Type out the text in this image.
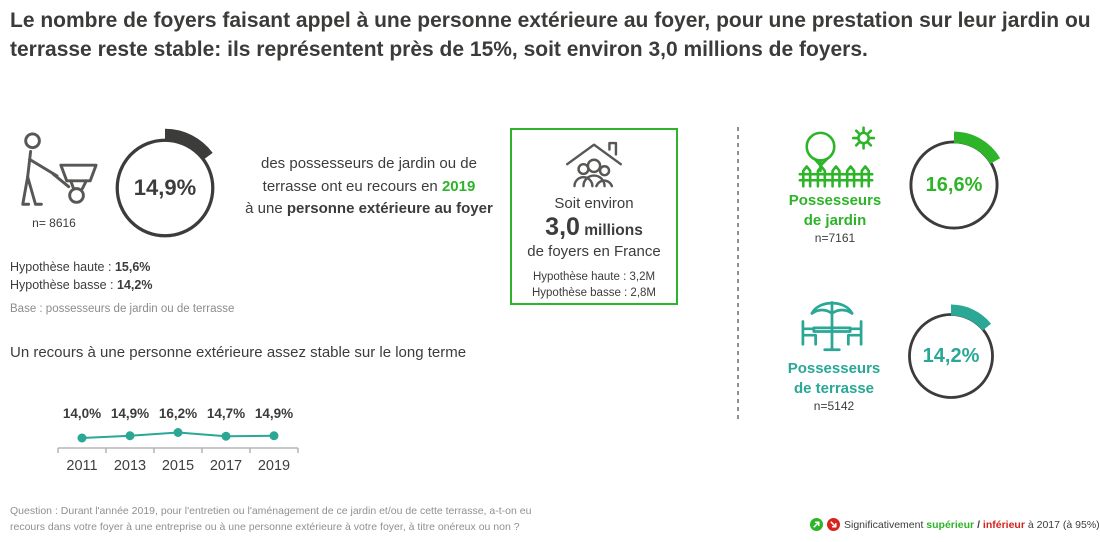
Le nombre de foyers faisant appel à une personne extérieure au foyer, pour une prestation sur leur jardin ou terrasse reste stable: ils représentent près de 15%, soit environ 3,0 millions de foyers.
n= 8616
14,9%
des possesseurs de jardin ou de
terrasse ont eu recours en 2019
à une personne extérieure au foyer
Hypothèse haute : 15,6%
Hypothèse basse : 14,2%
Base : possesseurs de jardin ou de terrasse
Soit environ
3,0 millions
de foyers en France
Hypothèse haute : 3,2M
Hypothèse basse : 2,8M
Possesseurs
de jardin
n=7161
16,6%
Possesseurs
de terrasse
n=5142
14,2%
Un recours à une personne extérieure assez stable sur le long terme
14,0%
2011
14,9%
2013
16,2%
2015
14,7%
2017
14,9%
2019
Question : Durant l'année 2019, pour l'entretien ou l'aménagement de ce jardin et/ou de cette terrasse, a-t-on eu
recours dans votre foyer à une entreprise ou à une personne extérieure à votre foyer, à titre onéreux ou non ?	Significativement supérieur / inférieur à 2017 (à 95%)
